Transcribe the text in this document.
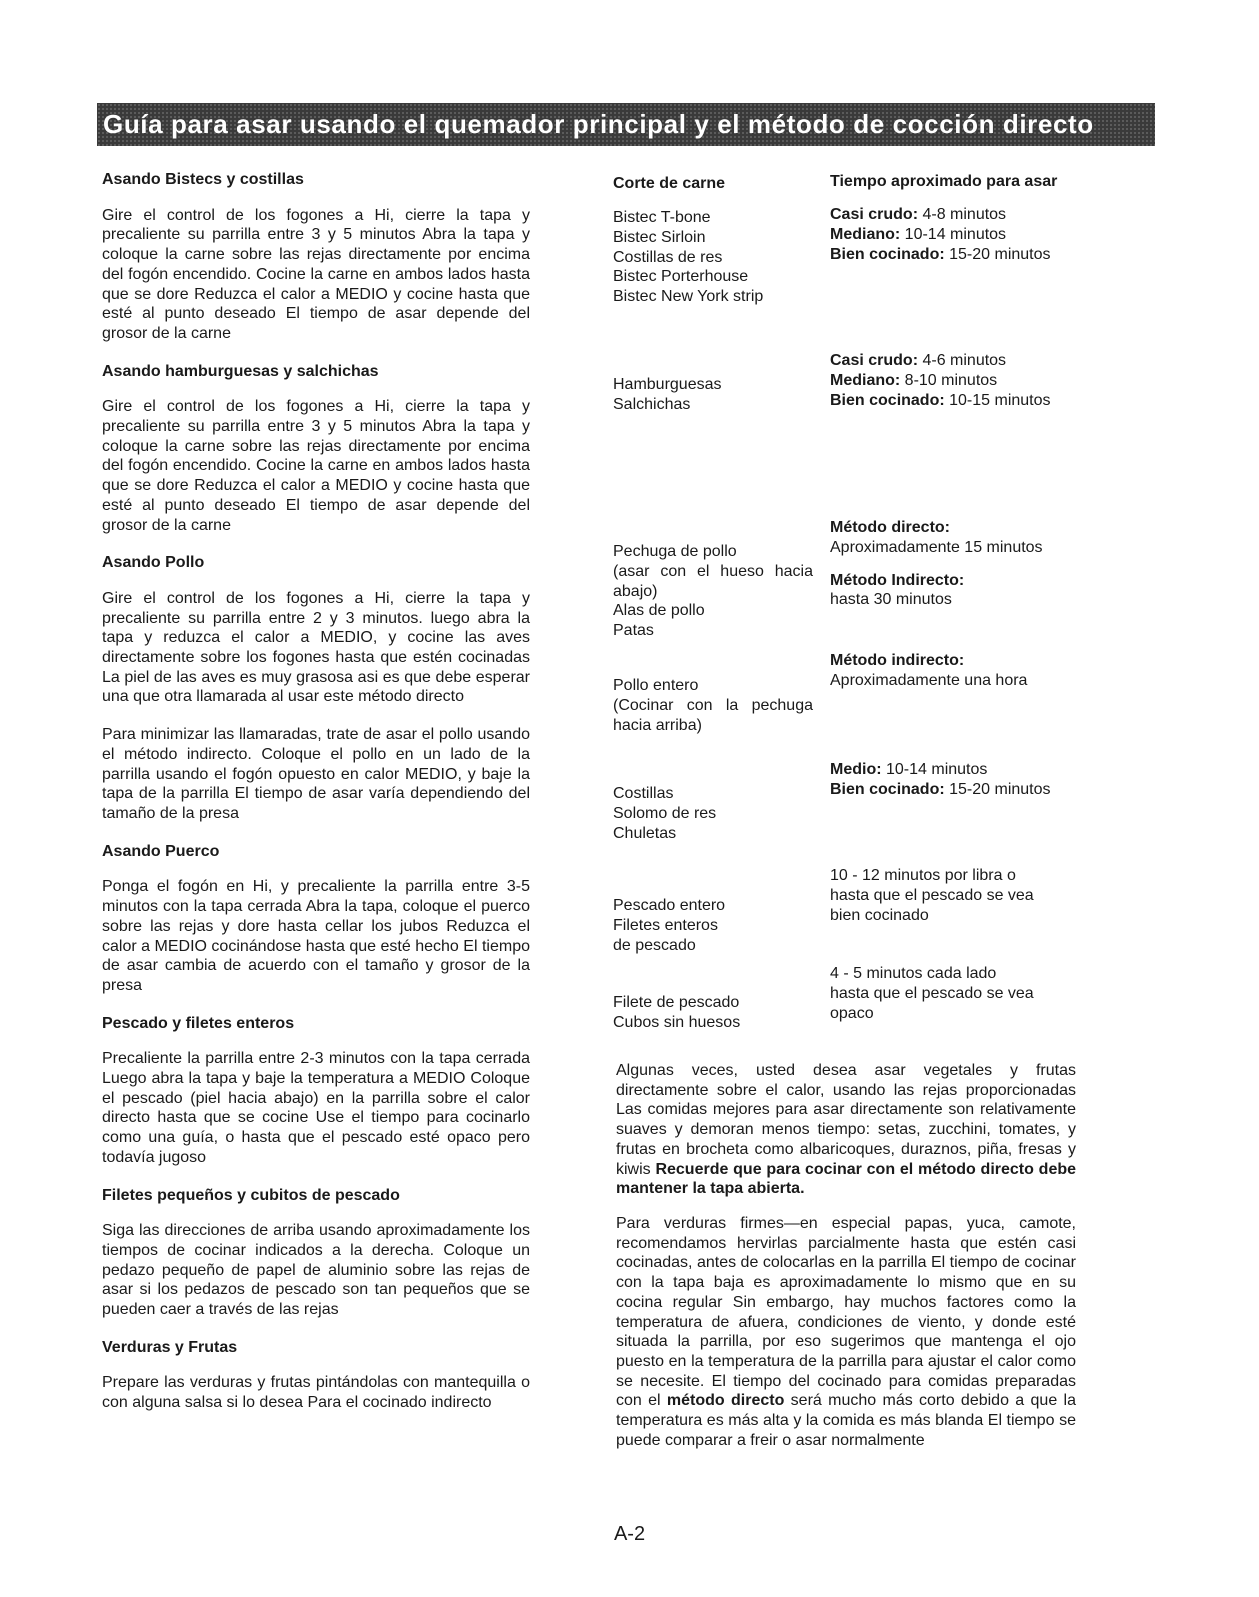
Guía para asar usando el quemador principal y el método de cocción directo
Asando Bistecs y costillas
Gire el control de los fogones a Hi, cierre la tapa y precaliente su parrilla entre 3 y 5 minutos Abra la tapa y coloque la carne sobre las rejas directamente por encima del fogón encendido. Cocine la carne en ambos lados hasta que se dore Reduzca el calor a MEDIO y cocine hasta que esté al punto deseado El tiempo de asar depende del grosor de la carne
Asando hamburguesas y salchichas
Gire el control de los fogones a Hi, cierre la tapa y precaliente su parrilla entre 3 y 5 minutos Abra la tapa y coloque la carne sobre las rejas directamente por encima del fogón encendido. Cocine la carne en ambos lados hasta que se dore Reduzca el calor a MEDIO y cocine hasta que esté al punto deseado El tiempo de asar depende del grosor de la carne
Asando Pollo
Gire el control de los fogones a Hi, cierre la tapa y precaliente su parrilla entre 2 y 3 minutos. luego abra la tapa y reduzca el calor a MEDIO, y cocine las aves directamente sobre los fogones hasta que estén cocinadas La piel de las aves es muy grasosa asi es que debe esperar una que otra llamarada al usar este método directo
Para minimizar las llamaradas, trate de asar el pollo usando el método indirecto. Coloque el pollo en un lado de la parrilla usando el fogón opuesto en calor MEDIO, y baje la tapa de la parrilla El tiempo de asar varía dependiendo del tamaño de la presa
Asando Puerco
Ponga el fogón en Hi, y precaliente la parrilla entre 3-5 minutos con la tapa cerrada Abra la tapa, coloque el puerco sobre las rejas y dore hasta cellar los jubos Reduzca el calor a MEDIO cocinándose hasta que esté hecho El tiempo de asar cambia de acuerdo con el tamaño y grosor de la presa
Pescado y filetes enteros
Precaliente la parrilla entre 2-3 minutos con la tapa cerrada Luego abra la tapa y baje la temperatura a MEDIO Coloque el pescado (piel hacia abajo) en la parrilla sobre el calor directo hasta que se cocine Use el tiempo para cocinarlo como una guía, o hasta que el pescado esté opaco pero todavía jugoso
Filetes pequeños y cubitos de pescado
Siga las direcciones de arriba usando aproximadamente los tiempos de cocinar indicados a la derecha. Coloque un pedazo pequeño de papel de aluminio sobre las rejas de asar si los pedazos de pescado son tan pequeños que se pueden caer a través de las rejas
Verduras y Frutas
Prepare las verduras y frutas pintándolas con mantequilla o con alguna salsa si lo desea Para el cocinado indirecto
Corte de carne	Tiempo aproximado para asar
Bistec T-bone
Bistec Sirloin
Costillas de res
Bistec Porterhouse
Bistec New York strip
Casi crudo: 4-8 minutos
Mediano: 10-14 minutos
Bien cocinado: 15-20 minutos
Hamburguesas
Salchichas
Casi crudo: 4-6 minutos
Mediano: 8-10 minutos
Bien cocinado: 10-15 minutos
Pechuga de pollo
(asar con el hueso hacia abajo)
Alas de pollo
Patas
Método directo:
Aproximadamente 15 minutos
Método Indirecto:
hasta 30 minutos
Pollo entero
(Cocinar con la pechuga hacia arriba)
Método indirecto:
Aproximadamente una hora
Costillas
Solomo de res
Chuletas
Medio: 10-14 minutos
Bien cocinado: 15-20 minutos
Pescado entero
Filetes enteros
de pescado
10 - 12 minutos por libra o
hasta que el pescado se vea
bien cocinado
Filete de pescado
Cubos sin huesos
4 - 5 minutos cada lado
hasta que el pescado se vea
opaco
Algunas veces, usted desea asar vegetales y frutas directamente sobre el calor, usando las rejas proporcionadas Las comidas mejores para asar directamente son relativamente suaves y demoran menos tiempo: setas, zucchini, tomates, y frutas en brocheta como albaricoques, duraznos, piña, fresas y kiwis Recuerde que para cocinar con el método directo debe mantener la tapa abierta.
Para verduras firmes—en especial papas, yuca, camote, recomendamos hervirlas parcialmente hasta que estén casi cocinadas, antes de colocarlas en la parrilla El tiempo de cocinar con la tapa baja es aproximadamente lo mismo que en su cocina regular Sin embargo, hay muchos factores como la temperatura de afuera, condiciones de viento, y donde esté situada la parrilla, por eso sugerimos que mantenga el ojo puesto en la temperatura de la parrilla para ajustar el calor como se necesite. El tiempo del cocinado para comidas preparadas con el método directo será mucho más corto debido a que la temperatura es más alta y la comida es más blanda El tiempo se puede comparar a freir o asar normalmente
A-2
